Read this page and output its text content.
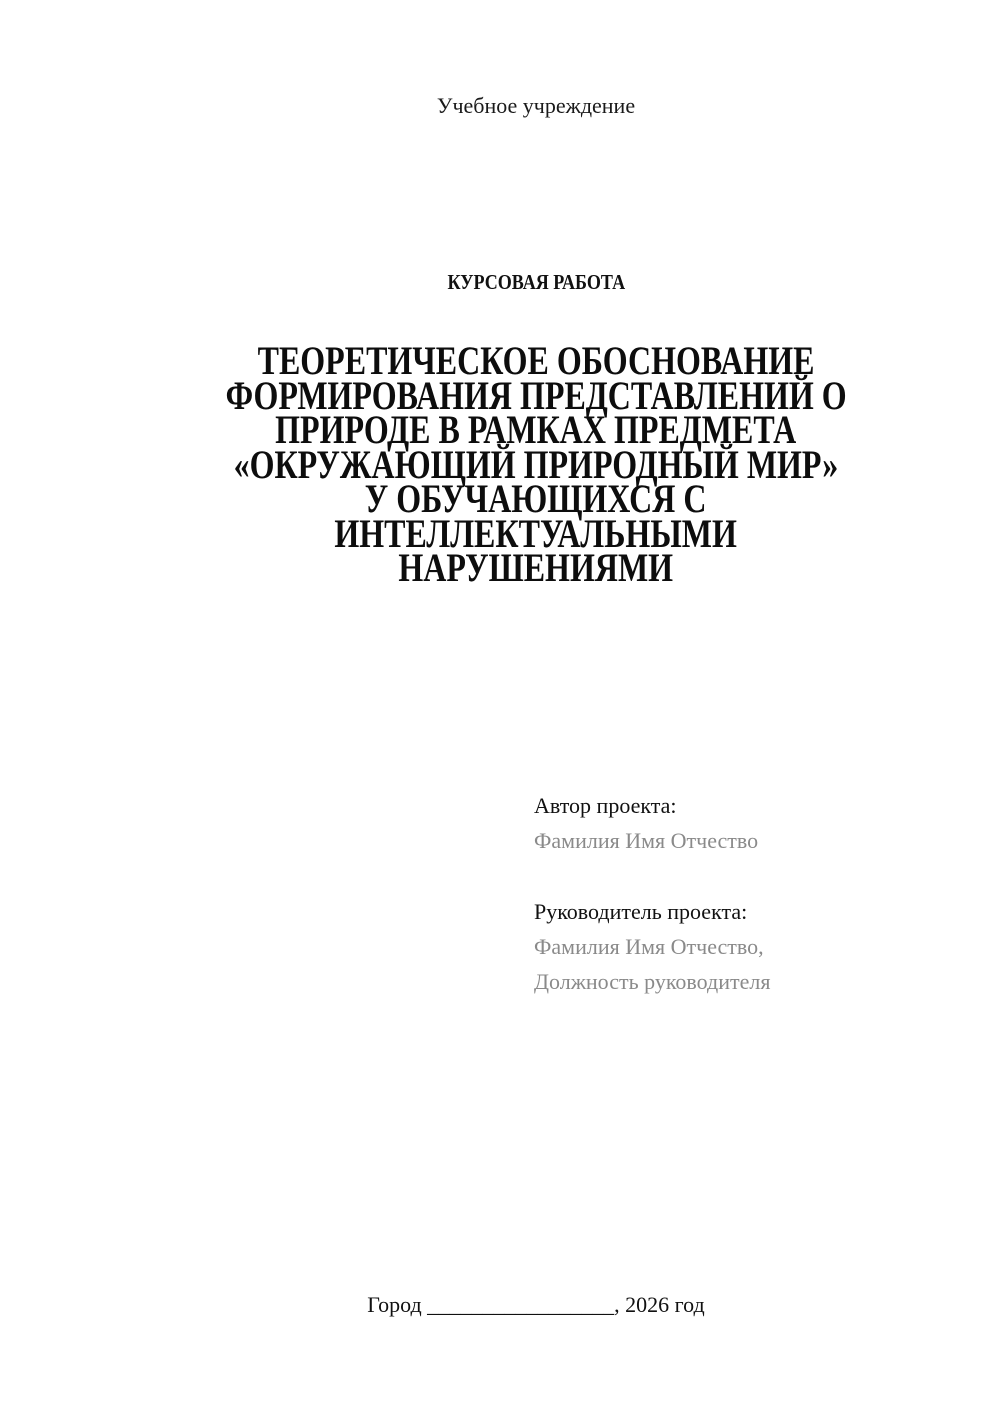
Учебное учреждение
КУРСОВАЯ РАБОТА
ТЕОРЕТИЧЕСКОЕ ОБОСНОВАНИЕ
ФОРМИРОВАНИЯ ПРЕДСТАВЛЕНИЙ О
ПРИРОДЕ В РАМКАХ ПРЕДМЕТА
«ОКРУЖАЮЩИЙ ПРИРОДНЫЙ МИР»
У ОБУЧАЮЩИХСЯ С
ИНТЕЛЛЕКТУАЛЬНЫМИ
НАРУШЕНИЯМИ
Автор проекта:
Фамилия Имя Отчество
Руководитель проекта:
Фамилия Имя Отчество,
Должность руководителя
Город _________________, 2026 год
